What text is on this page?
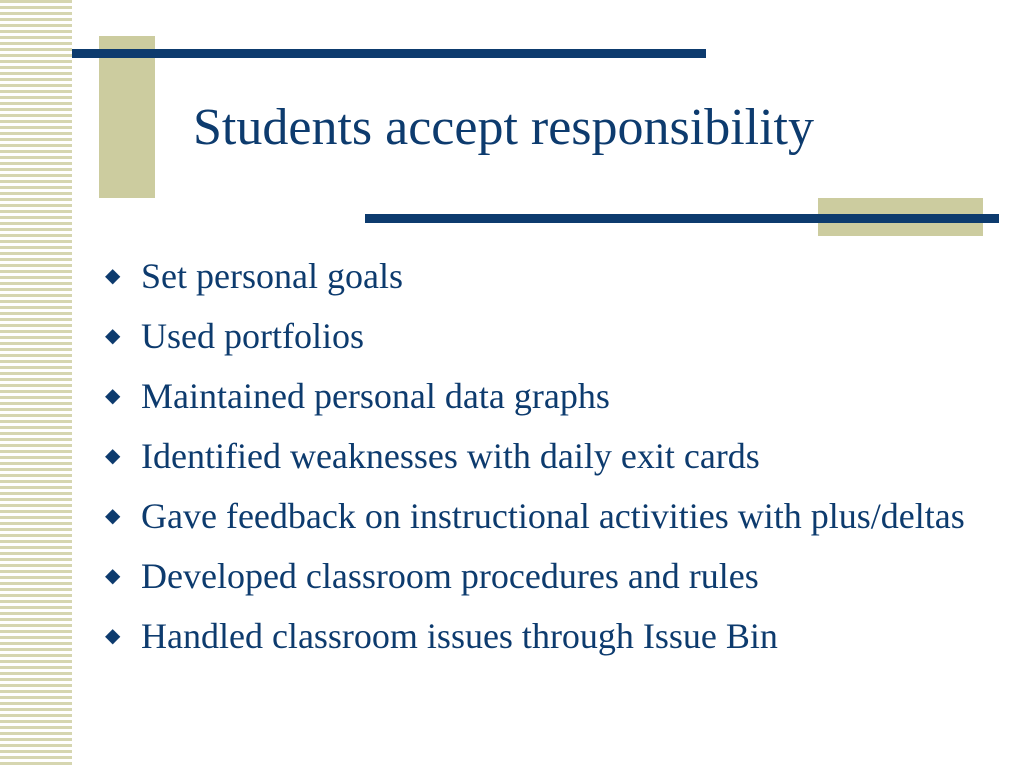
Students accept responsibility
◆ Set personal goals
◆ Used portfolios
◆ Maintained personal data graphs
◆ Identified weaknesses with daily exit cards
◆ Gave feedback on instructional activities with plus/deltas
◆ Developed classroom procedures and rules
◆ Handled classroom issues through Issue Bin
